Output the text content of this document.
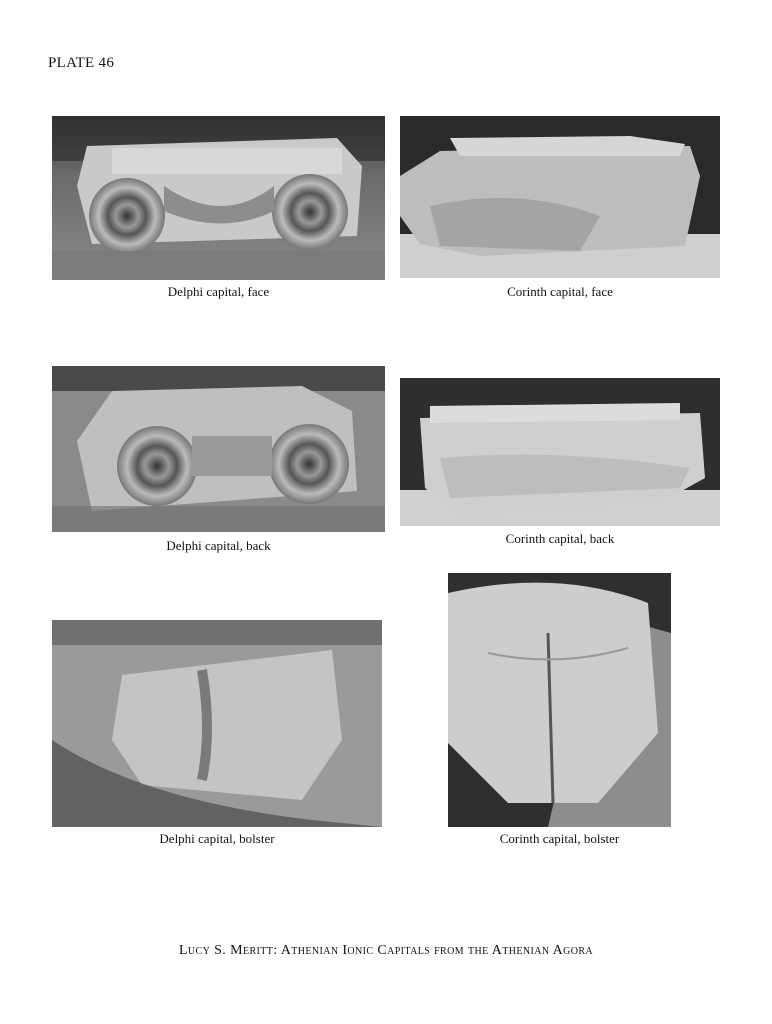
PLATE 46
Delphi capital, face	Corinth capital, face
Delphi capital, back	Corinth capital, back
Delphi capital, bolster	Corinth capital, bolster
Lucy S. Meritt: Athenian Ionic Capitals from the Athenian Agora
